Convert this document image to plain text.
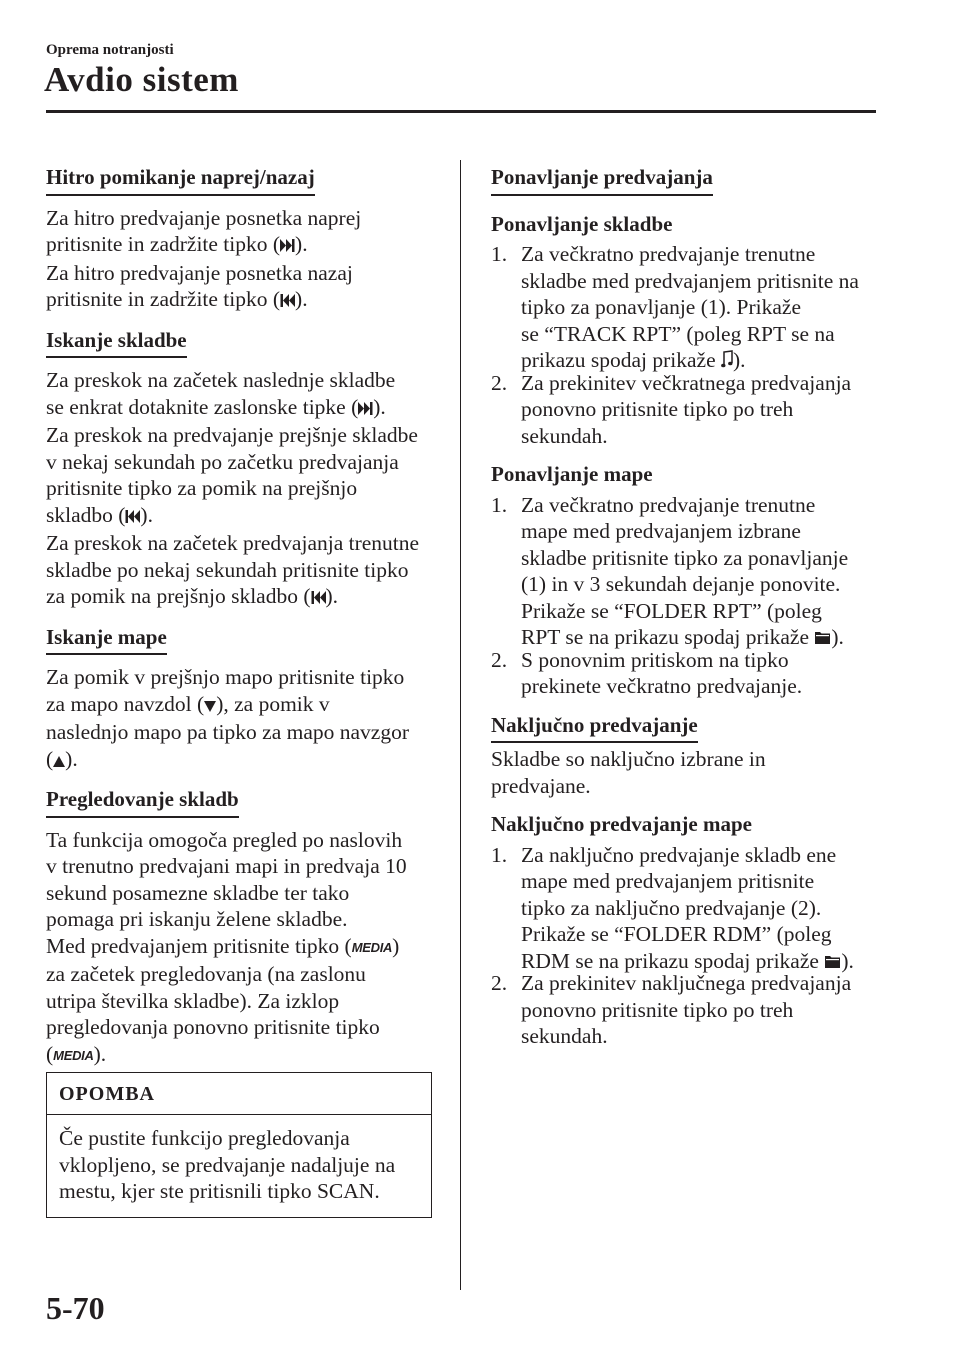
Oprema notranjosti
Avdio sistem
Hitro pomikanje naprej/nazaj
Za hitro predvajanje posnetka naprej
pritisnite in zadržite tipko ( ).
Za hitro predvajanje posnetka nazaj
pritisnite in zadržite tipko ( ).
Iskanje skladbe
Za preskok na začetek naslednje skladbe
se enkrat dotaknite zaslonske tipke ( ).
Za preskok na predvajanje prejšnje skladbe
v nekaj sekundah po začetku predvajanja
pritisnite tipko za pomik na prejšnjo
skladbo ( ).
Za preskok na začetek predvajanja trenutne
skladbe po nekaj sekundah pritisnite tipko
za pomik na prejšnjo skladbo ( ).
Iskanje mape
Za pomik v prejšnjo mapo pritisnite tipko
za mapo navzdol ( ), za pomik v
naslednjo mapo pa tipko za mapo navzgor
( ).
Pregledovanje skladb
Ta funkcija omogoča pregled po naslovih
v trenutno predvajani mapi in predvaja 10
sekund posamezne skladbe ter tako
pomaga pri iskanju želene skladbe.
Med predvajanjem pritisnite tipko (MEDIA)
za začetek pregledovanja (na zaslonu
utripa številka skladbe). Za izklop
pregledovanja ponovno pritisnite tipko
(MEDIA).
OPOMBA
Če pustite funkcijo pregledovanja
vklopljeno, se predvajanje nadaljuje na
mestu, kjer ste pritisnili tipko SCAN.
Ponavljanje predvajanja
Ponavljanje skladbe
1. Za večkratno predvajanje trenutne
skladbe med predvajanjem pritisnite na
tipko za ponavljanje (1). Prikaže
se “TRACK RPT” (poleg RPT se na
prikazu spodaj prikaže ).
2. Za prekinitev večkratnega predvajanja
ponovno pritisnite tipko po treh
sekundah.
Ponavljanje mape
1. Za večkratno predvajanje trenutne
mape med predvajanjem izbrane
skladbe pritisnite tipko za ponavljanje
(1) in v 3 sekundah dejanje ponovite.
Prikaže se “FOLDER RPT” (poleg
RPT se na prikazu spodaj prikaže ).
2. S ponovnim pritiskom na tipko
prekinete večkratno predvajanje.
Naključno predvajanje
Skladbe so naključno izbrane in
predvajane.
Naključno predvajanje mape
1. Za naključno predvajanje skladb ene
mape med predvajanjem pritisnite
tipko za naključno predvajanje (2).
Prikaže se “FOLDER RDM” (poleg
RDM se na prikazu spodaj prikaže ).
2. Za prekinitev naključnega predvajanja
ponovno pritisnite tipko po treh
sekundah.
5-70
